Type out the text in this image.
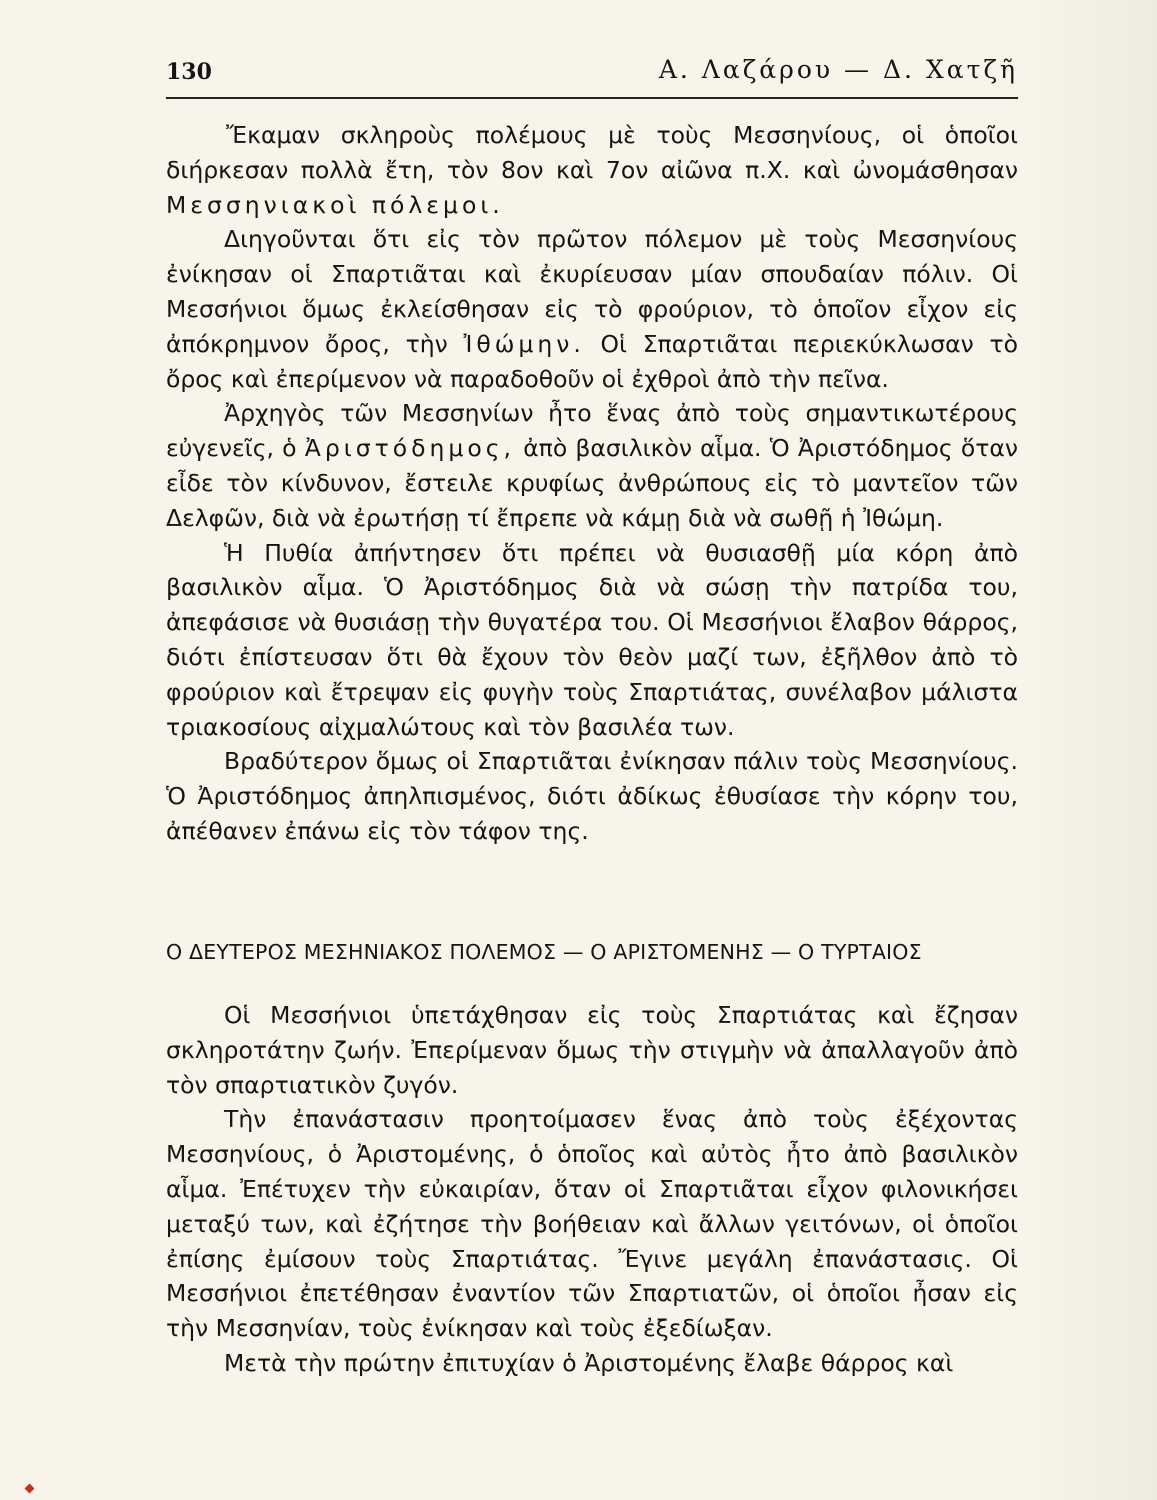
130	Α. Λαζάρου — Δ. Χατζῆ

Ἔκαμαν σκληροὺς πολέμους μὲ τοὺς Μεσσηνίους, οἱ ὁποῖοι διήρκεσαν πολλὰ ἔτη, τὸν 8ον καὶ 7ον αἰῶνα π.Χ. καὶ ὠνομάσθησαν Μεσσηνιακοὶ πόλεμοι.

Διηγοῦνται ὅτι εἰς τὸν πρῶτον πόλεμον μὲ τοὺς Μεσσηνίους ἐνίκησαν οἱ Σπαρτιᾶται καὶ ἐκυρίευσαν μίαν σπουδαίαν πόλιν. Οἱ Μεσσήνιοι ὅμως ἐκλείσθησαν εἰς τὸ φρούριον, τὸ ὁποῖον εἶχον εἰς ἀπόκρημνον ὄρος, τὴν Ἰθώμην. Οἱ Σπαρτιᾶται περιεκύκλωσαν τὸ ὄρος καὶ ἐπερίμενον νὰ παραδοθοῦν οἱ ἐχθροὶ ἀπὸ τὴν πεῖνα.

Ἀρχηγὸς τῶν Μεσσηνίων ἦτο ἕνας ἀπὸ τοὺς σημαντικωτέρους εὐγενεῖς, ὁ Ἀριστόδημος, ἀπὸ βασιλικὸν αἷμα. Ὁ Ἀριστόδημος ὅταν εἶδε τὸν κίνδυνον, ἔστειλε κρυφίως ἀνθρώπους εἰς τὸ μαντεῖον τῶν Δελφῶν, διὰ νὰ ἐρωτήσῃ τί ἔπρεπε νὰ κάμῃ διὰ νὰ σωθῇ ἡ Ἰθώμη.

Ἡ Πυθία ἀπήντησεν ὅτι πρέπει νὰ θυσιασθῇ μία κόρη ἀπὸ βασιλικὸν αἷμα. Ὁ Ἀριστόδημος διὰ νὰ σώσῃ τὴν πατρίδα του, ἀπεφάσισε νὰ θυσιάσῃ τὴν θυγατέρα του. Οἱ Μεσσήνιοι ἔλαβον θάρρος, διότι ἐπίστευσαν ὅτι θὰ ἔχουν τὸν θεὸν μαζί των, ἐξῆλθον ἀπὸ τὸ φρούριον καὶ ἔτρεψαν εἰς φυγὴν τοὺς Σπαρτιάτας, συνέλαβον μάλιστα τριακοσίους αἰχμαλώτους καὶ τὸν βασιλέα των.

Βραδύτερον ὅμως οἱ Σπαρτιᾶται ἐνίκησαν πάλιν τοὺς Μεσσηνίους. Ὁ Ἀριστόδημος ἀπηλπισμένος, διότι ἀδίκως ἐθυσίασε τὴν κόρην του, ἀπέθανεν ἐπάνω εἰς τὸν τάφον της.

Ο ΔΕΥΤΕΡΟΣ ΜΕΣΗΝΙΑΚΟΣ ΠΟΛΕΜΟΣ — Ο ΑΡΙΣΤΟΜΕΝΗΣ — Ο ΤΥΡΤΑΙΟΣ

Οἱ Μεσσήνιοι ὑπετάχθησαν εἰς τοὺς Σπαρτιάτας καὶ ἔζησαν σκληροτάτην ζωήν. Ἐπερίμεναν ὅμως τὴν στιγμὴν νὰ ἀπαλλαγοῦν ἀπὸ τὸν σπαρτιατικὸν ζυγόν.

Τὴν ἐπανάστασιν προητοίμασεν ἕνας ἀπὸ τοὺς ἐξέχοντας Μεσσηνίους, ὁ Ἀριστομένης, ὁ ὁποῖος καὶ αὐτὸς ἦτο ἀπὸ βασιλικὸν αἷμα. Ἐπέτυχεν τὴν εὐκαιρίαν, ὅταν οἱ Σπαρτιᾶται εἶχον φιλονικήσει μεταξύ των, καὶ ἐζήτησε τὴν βοήθειαν καὶ ἄλλων γειτόνων, οἱ ὁποῖοι ἐπίσης ἐμίσουν τοὺς Σπαρτιάτας. Ἔγινε μεγάλη ἐπανάστασις. Οἱ Μεσσήνιοι ἐπετέθησαν ἐναντίον τῶν Σπαρτιατῶν, οἱ ὁποῖοι ἦσαν εἰς τὴν Μεσσηνίαν, τοὺς ἐνίκησαν καὶ τοὺς ἐξεδίωξαν.

Μετὰ τὴν πρώτην ἐπιτυχίαν ὁ Ἀριστομένης ἔλαβε θάρρος καὶ
